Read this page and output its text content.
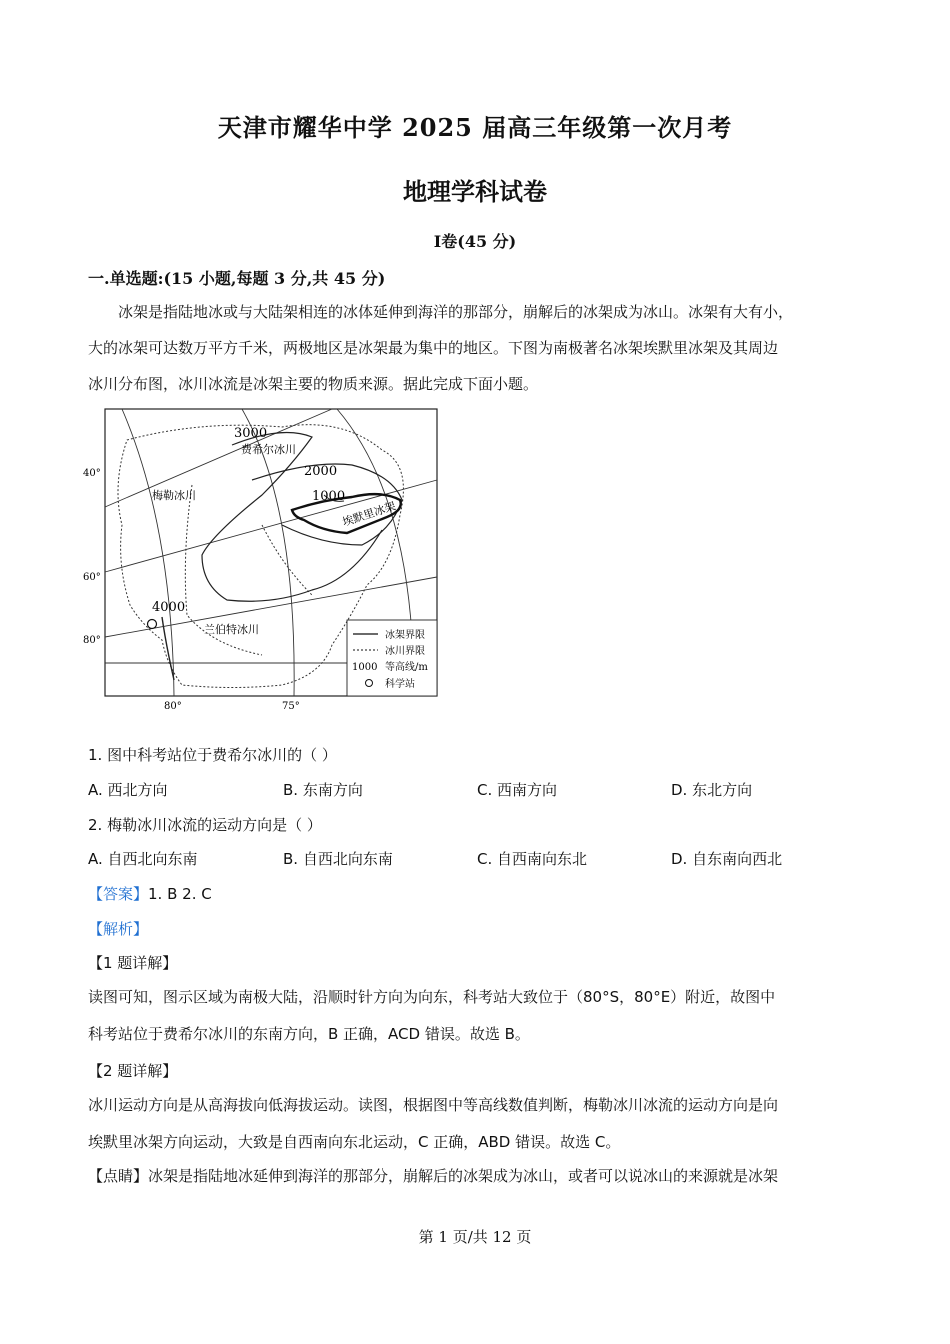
天津市耀华中学 2025 届高三年级第一次月考
地理学科试卷
Ⅰ卷(45 分)
一.单选题:(15 小题,每题 3 分,共 45 分)
冰架是指陆地冰或与大陆架相连的冰体延伸到海洋的那部分，崩解后的冰架成为冰山。冰架有大有小，
大的冰架可达数万平方千米，两极地区是冰架最为集中的地区。下图为南极著名冰架埃默里冰架及其周边
冰川分布图，冰川冰流是冰架主要的物质来源。据此完成下面小题。
3000
费希尔冰川
2000
1000
埃默里冰架
梅勒冰川
4000
兰伯特冰川
40°
60°
80°
80°	75°
冰架界限
冰川界限
1000 等高线/m
科学站
1. 图中科考站位于费希尔冰川的（ ）
A. 西北方向	B. 东南方向	C. 西南方向	D. 东北方向
2. 梅勒冰川冰流的运动方向是（ ）
A. 自西北向东南	B. 自西北向东南	C. 自西南向东北	D. 自东南向西北
【答案】1. B 2. C
【解析】
【1 题详解】
读图可知，图示区域为南极大陆，沿顺时针方向为向东，科考站大致位于（80°S，80°E）附近，故图中
科考站位于费希尔冰川的东南方向，B 正确，ACD 错误。故选 B。
【2 题详解】
冰川运动方向是从高海拔向低海拔运动。读图，根据图中等高线数值判断，梅勒冰川冰流的运动方向是向
埃默里冰架方向运动，大致是自西南向东北运动，C 正确，ABD 错误。故选 C。
【点睛】冰架是指陆地冰延伸到海洋的那部分，崩解后的冰架成为冰山，或者可以说冰山的来源就是冰架
第 1 页/共 12 页
